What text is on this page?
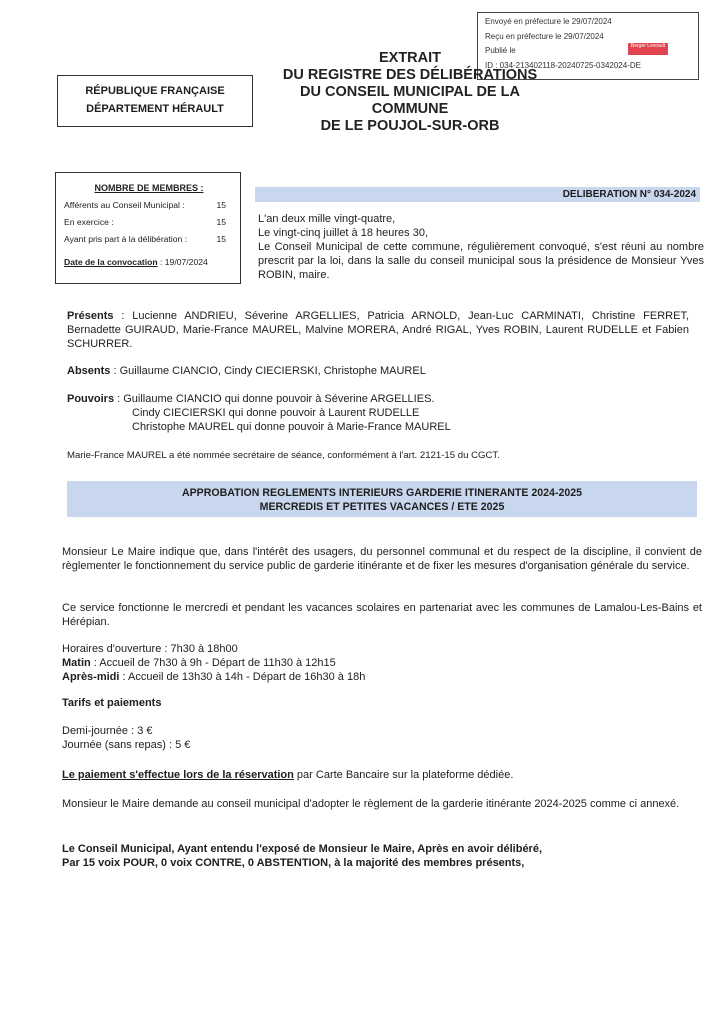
Envoyé en préfecture le 29/07/2024
Reçu en préfecture le 29/07/2024
Publié le
ID : 034-213402118-20240725-0342024-DE
Berger Levrault
EXTRAIT
DU REGISTRE DES DÉLIBÉRATIONS
DU CONSEIL MUNICIPAL DE LA
COMMUNE
DE LE POUJOL-SUR-ORB
RÉPUBLIQUE FRANÇAISE
DÉPARTEMENT HÉRAULT
NOMBRE DE MEMBRES :
Afférents au Conseil Municipal :	15
En exercice :	15
Ayant pris part à la délibération :	15
Date de la convocation : 19/07/2024
DELIBERATION N° 034-2024

L'an deux mille vingt-quatre,

Le vingt-cinq juillet à 18 heures 30,

Le Conseil Municipal de cette commune, régulièrement convoqué, s'est réuni au nombre prescrit par la loi, dans la salle du conseil municipal sous la présidence de Monsieur Yves ROBIN, maire.

Présents : Lucienne ANDRIEU, Séverine ARGELLIES, Patricia ARNOLD, Jean-Luc CARMINATI, Christine FERRET, Bernadette GUIRAUD, Marie-France MAUREL, Malvine MORERA, André RIGAL, Yves ROBIN, Laurent RUDELLE et Fabien SCHURRER.

Absents : Guillaume CIANCIO, Cindy CIECIERSKI, Christophe MAUREL

Pouvoirs : Guillaume CIANCIO qui donne pouvoir à Séverine ARGELLIES.

Cindy CIECIERSKI qui donne pouvoir à Laurent RUDELLE

Christophe MAUREL qui donne pouvoir à Marie-France MAUREL

Marie-France MAUREL a été nommée secrétaire de séance, conformément à l'art. 2121-15 du CGCT.
APPROBATION REGLEMENTS INTERIEURS GARDERIE ITINERANTE 2024-2025
MERCREDIS ET PETITES VACANCES / ETE 2025

Monsieur Le Maire indique que, dans l'intérêt des usagers, du personnel communal et du respect de la discipline, il convient de règlementer le fonctionnement du service public de garderie itinérante et de fixer les mesures d'organisation générale du service.

Ce service fonctionne le mercredi et pendant les vacances scolaires en partenariat avec les communes de Lamalou-Les-Bains et Hérépian.

Horaires d'ouverture : 7h30 à 18h00

Matin : Accueil de 7h30 à 9h - Départ de 11h30 à 12h15

Après-midi : Accueil de 13h30 à 14h - Départ de 16h30 à 18h

Tarifs et paiements

Demi-journée : 3 €

Journée (sans repas) : 5 €

Le paiement s'effectue lors de la réservation par Carte Bancaire sur la plateforme dédiée.

Monsieur le Maire demande au conseil municipal d'adopter le règlement de la garderie itinérante 2024-2025 comme ci annexé.

Le Conseil Municipal, Ayant entendu l'exposé de Monsieur le Maire, Après en avoir délibéré,

Par 15 voix POUR, 0 voix CONTRE, 0 ABSTENTION, à la majorité des membres présents,
